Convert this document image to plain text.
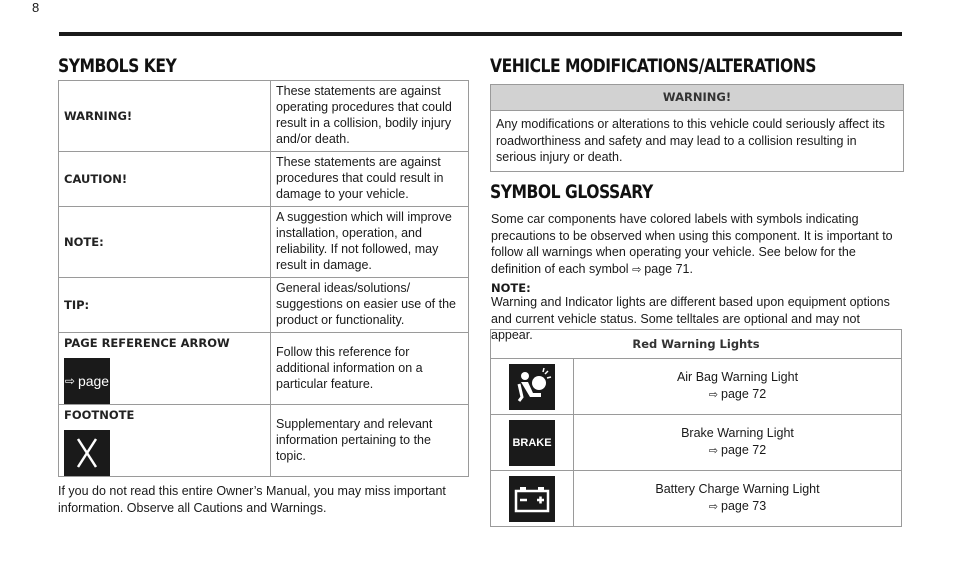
8
SYMBOLS KEY
WARNING!	These statements are against operating procedures that could result in a collision, bodily injury and/or death.
CAUTION!	These statements are against procedures that could result in damage to your vehicle.
NOTE:	A suggestion which will improve installation, operation, and reliability. If not followed, may result in damage.
TIP:	General ideas/solutions/ suggestions on easier use of the product or functionality.

PAGE REFERENCE ARROW
⇨ page	Follow this reference for additional information on a particular feature.

FOOTNOTE	Supplementary and relevant information pertaining to the topic.
If you do not read this entire Owner’s Manual, you may miss important information. Observe all Cautions and Warnings.
VEHICLE MODIFICATIONS/ALTERATIONS
WARNING!
Any modifications or alterations to this vehicle could seriously affect its roadworthiness and safety and may lead to a collision resulting in serious injury or death.
SYMBOL GLOSSARY
Some car components have colored labels with symbols indicating precautions to be observed when using this component. It is important to follow all warnings when operating your vehicle. See below for the definition of each symbol ⇨ page 71.
NOTE:
Warning and Indicator lights are different based upon equipment options and current vehicle status. Some telltales are optional and may not appear.
Red Warning Lights	

Air Bag Warning Light
⇨ page 72

BRAKE	Brake Warning Light
⇨ page 72

Battery Charge Warning Light
⇨ page 73
